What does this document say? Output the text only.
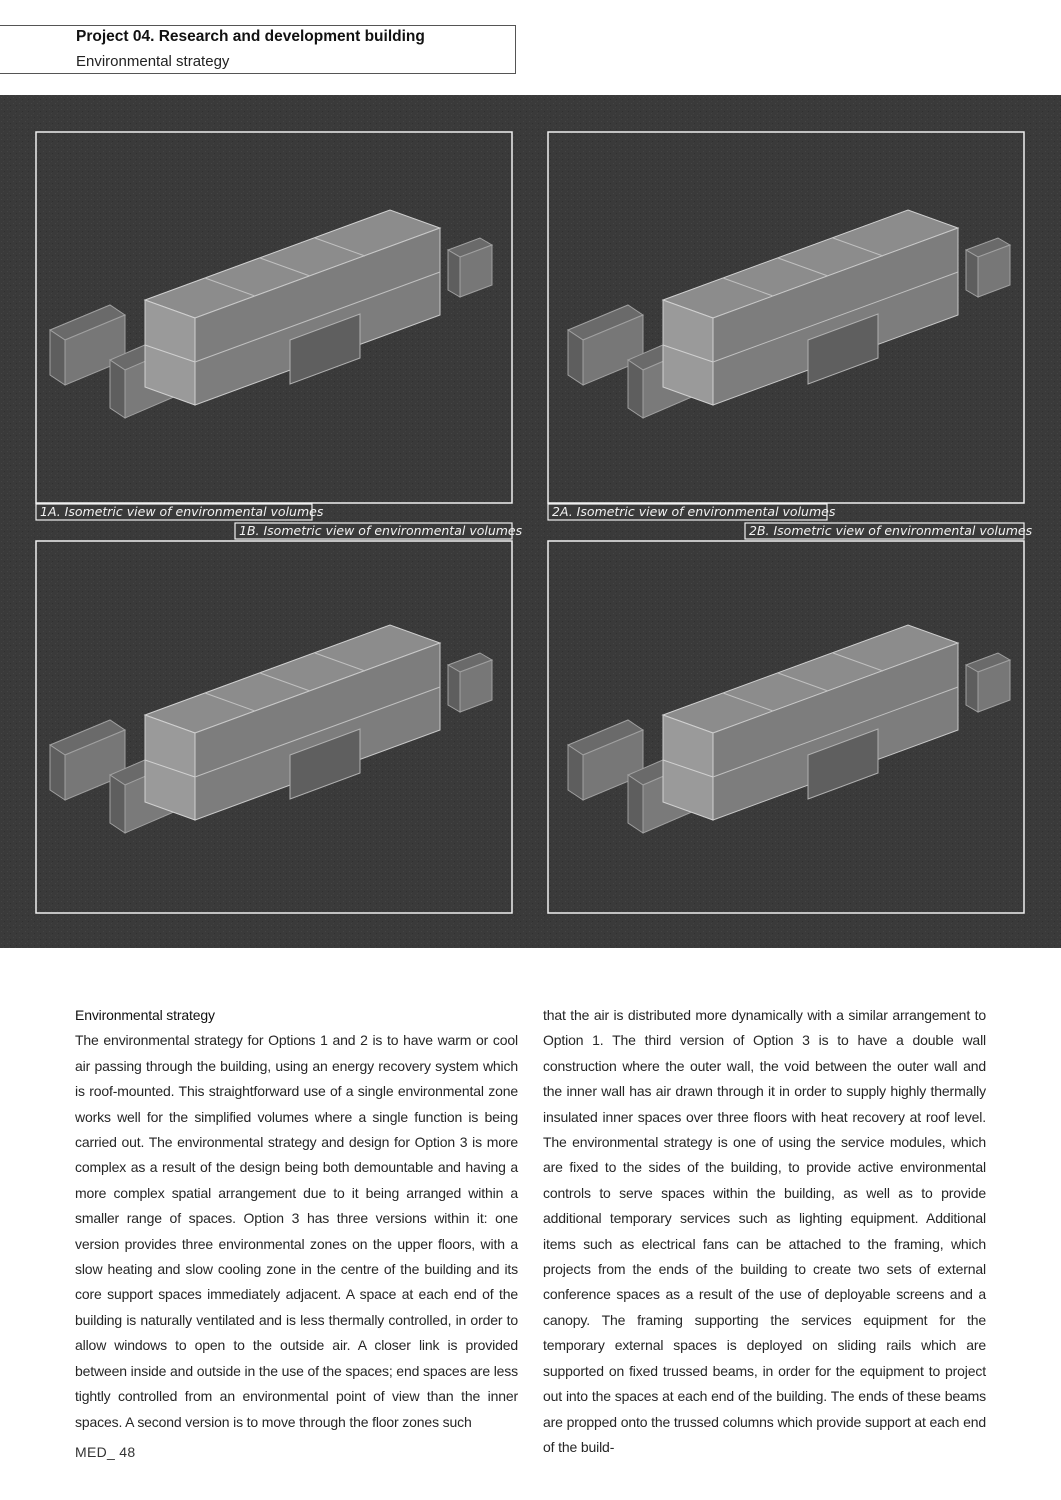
Project 04. Research and development building
Environmental strategy
1A. Isometric view of environmental volumes
1B. Isometric view of environmental volumes
2A. Isometric view of environmental volumes
2B. Isometric view of environmental volumes
Environmental strategy
The environmental strategy for Options 1 and 2 is to have warm or cool air passing through the building, using an energy recovery system which is roof-mounted. This straightforward use of a single environmental zone works well for the simplified volumes where a single function is being carried out. The environmental strategy and design for Option 3 is more complex as a result of the design being both demountable and having a more complex spatial arrangement due to it being arranged within a smaller range of spaces. Option 3 has three versions within it: one version provides three environmental zones on the upper floors, with a slow heating and slow cooling zone in the centre of the building and its core support spaces immediately adjacent. A space at each end of the building is naturally ventilated and is less thermally controlled, in order to allow windows to open to the outside air. A closer link is provided between inside and outside in the use of the spaces; end spaces are less tightly controlled from an environmental point of view than the inner spaces. A second version is to move through the floor zones such
that the air is distributed more dynamically with a similar arrangement to Option 1. The third version of Option 3 is to have a double wall construction where the outer wall, the void between the outer wall and the inner wall has air drawn through it in order to supply highly thermally insulated inner spaces over three floors with heat recovery at roof level. The environmental strategy is one of using the service modules, which are fixed to the sides of the building, to provide active environmental controls to serve spaces within the building, as well as to provide additional temporary services such as lighting equipment. Additional items such as electrical fans can be attached to the framing, which projects from the ends of the building to create two sets of external conference spaces as a result of the use of deployable screens and a canopy. The framing supporting the services equipment for the temporary external spaces is deployed on sliding rails which are supported on fixed trussed beams, in order for the equipment to project out into the spaces at each end of the building. The ends of these beams are propped onto the trussed columns which provide support at each end of the build-
MED_ 48
